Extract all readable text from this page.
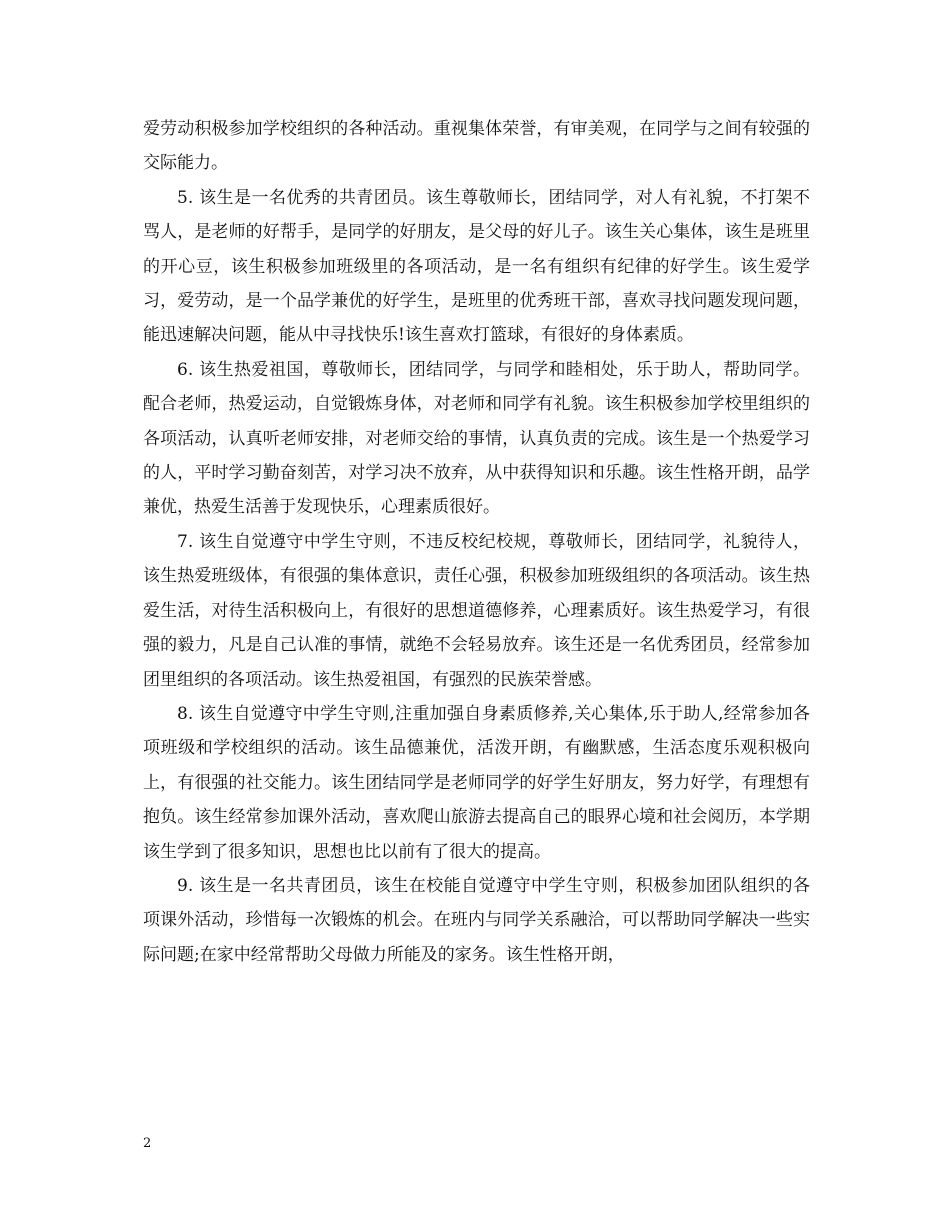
爱劳动积极参加学校组织的各种活动。重视集体荣誉，有审美观，在同学与之间有较强的交际能力。

5. 该生是一名优秀的共青团员。该生尊敬师长，团结同学，对人有礼貌，不打架不骂人，是老师的好帮手，是同学的好朋友，是父母的好儿子。该生关心集体，该生是班里的开心豆，该生积极参加班级里的各项活动，是一名有组织有纪律的好学生。该生爱学习，爱劳动，是一个品学兼优的好学生，是班里的优秀班干部，喜欢寻找问题发现问题，能迅速解决问题，能从中寻找快乐!该生喜欢打篮球，有很好的身体素质。

6. 该生热爱祖国，尊敬师长，团结同学，与同学和睦相处，乐于助人，帮助同学。配合老师，热爱运动，自觉锻炼身体，对老师和同学有礼貌。该生积极参加学校里组织的各项活动，认真听老师安排，对老师交给的事情，认真负责的完成。该生是一个热爱学习的人，平时学习勤奋刻苦，对学习决不放弃，从中获得知识和乐趣。该生性格开朗，品学兼优，热爱生活善于发现快乐，心理素质很好。

7. 该生自觉遵守中学生守则，不违反校纪校规，尊敬师长，团结同学，礼貌待人，该生热爱班级体，有很强的集体意识，责任心强，积极参加班级组织的各项活动。该生热爱生活，对待生活积极向上，有很好的思想道德修养，心理素质好。该生热爱学习，有很强的毅力，凡是自己认准的事情，就绝不会轻易放弃。该生还是一名优秀团员，经常参加团里组织的各项活动。该生热爱祖国，有强烈的民族荣誉感。

8. 该生自觉遵守中学生守则,注重加强自身素质修养,关心集体,乐于助人,经常参加各项班级和学校组织的活动。该生品德兼优，活泼开朗，有幽默感，生活态度乐观积极向上，有很强的社交能力。该生团结同学是老师同学的好学生好朋友，努力好学，有理想有抱负。该生经常参加课外活动，喜欢爬山旅游去提高自己的眼界心境和社会阅历，本学期该生学到了很多知识，思想也比以前有了很大的提高。

9. 该生是一名共青团员，该生在校能自觉遵守中学生守则，积极参加团队组织的各项课外活动，珍惜每一次锻炼的机会。在班内与同学关系融洽，可以帮助同学解决一些实际问题;在家中经常帮助父母做力所能及的家务。该生性格开朗，

2
